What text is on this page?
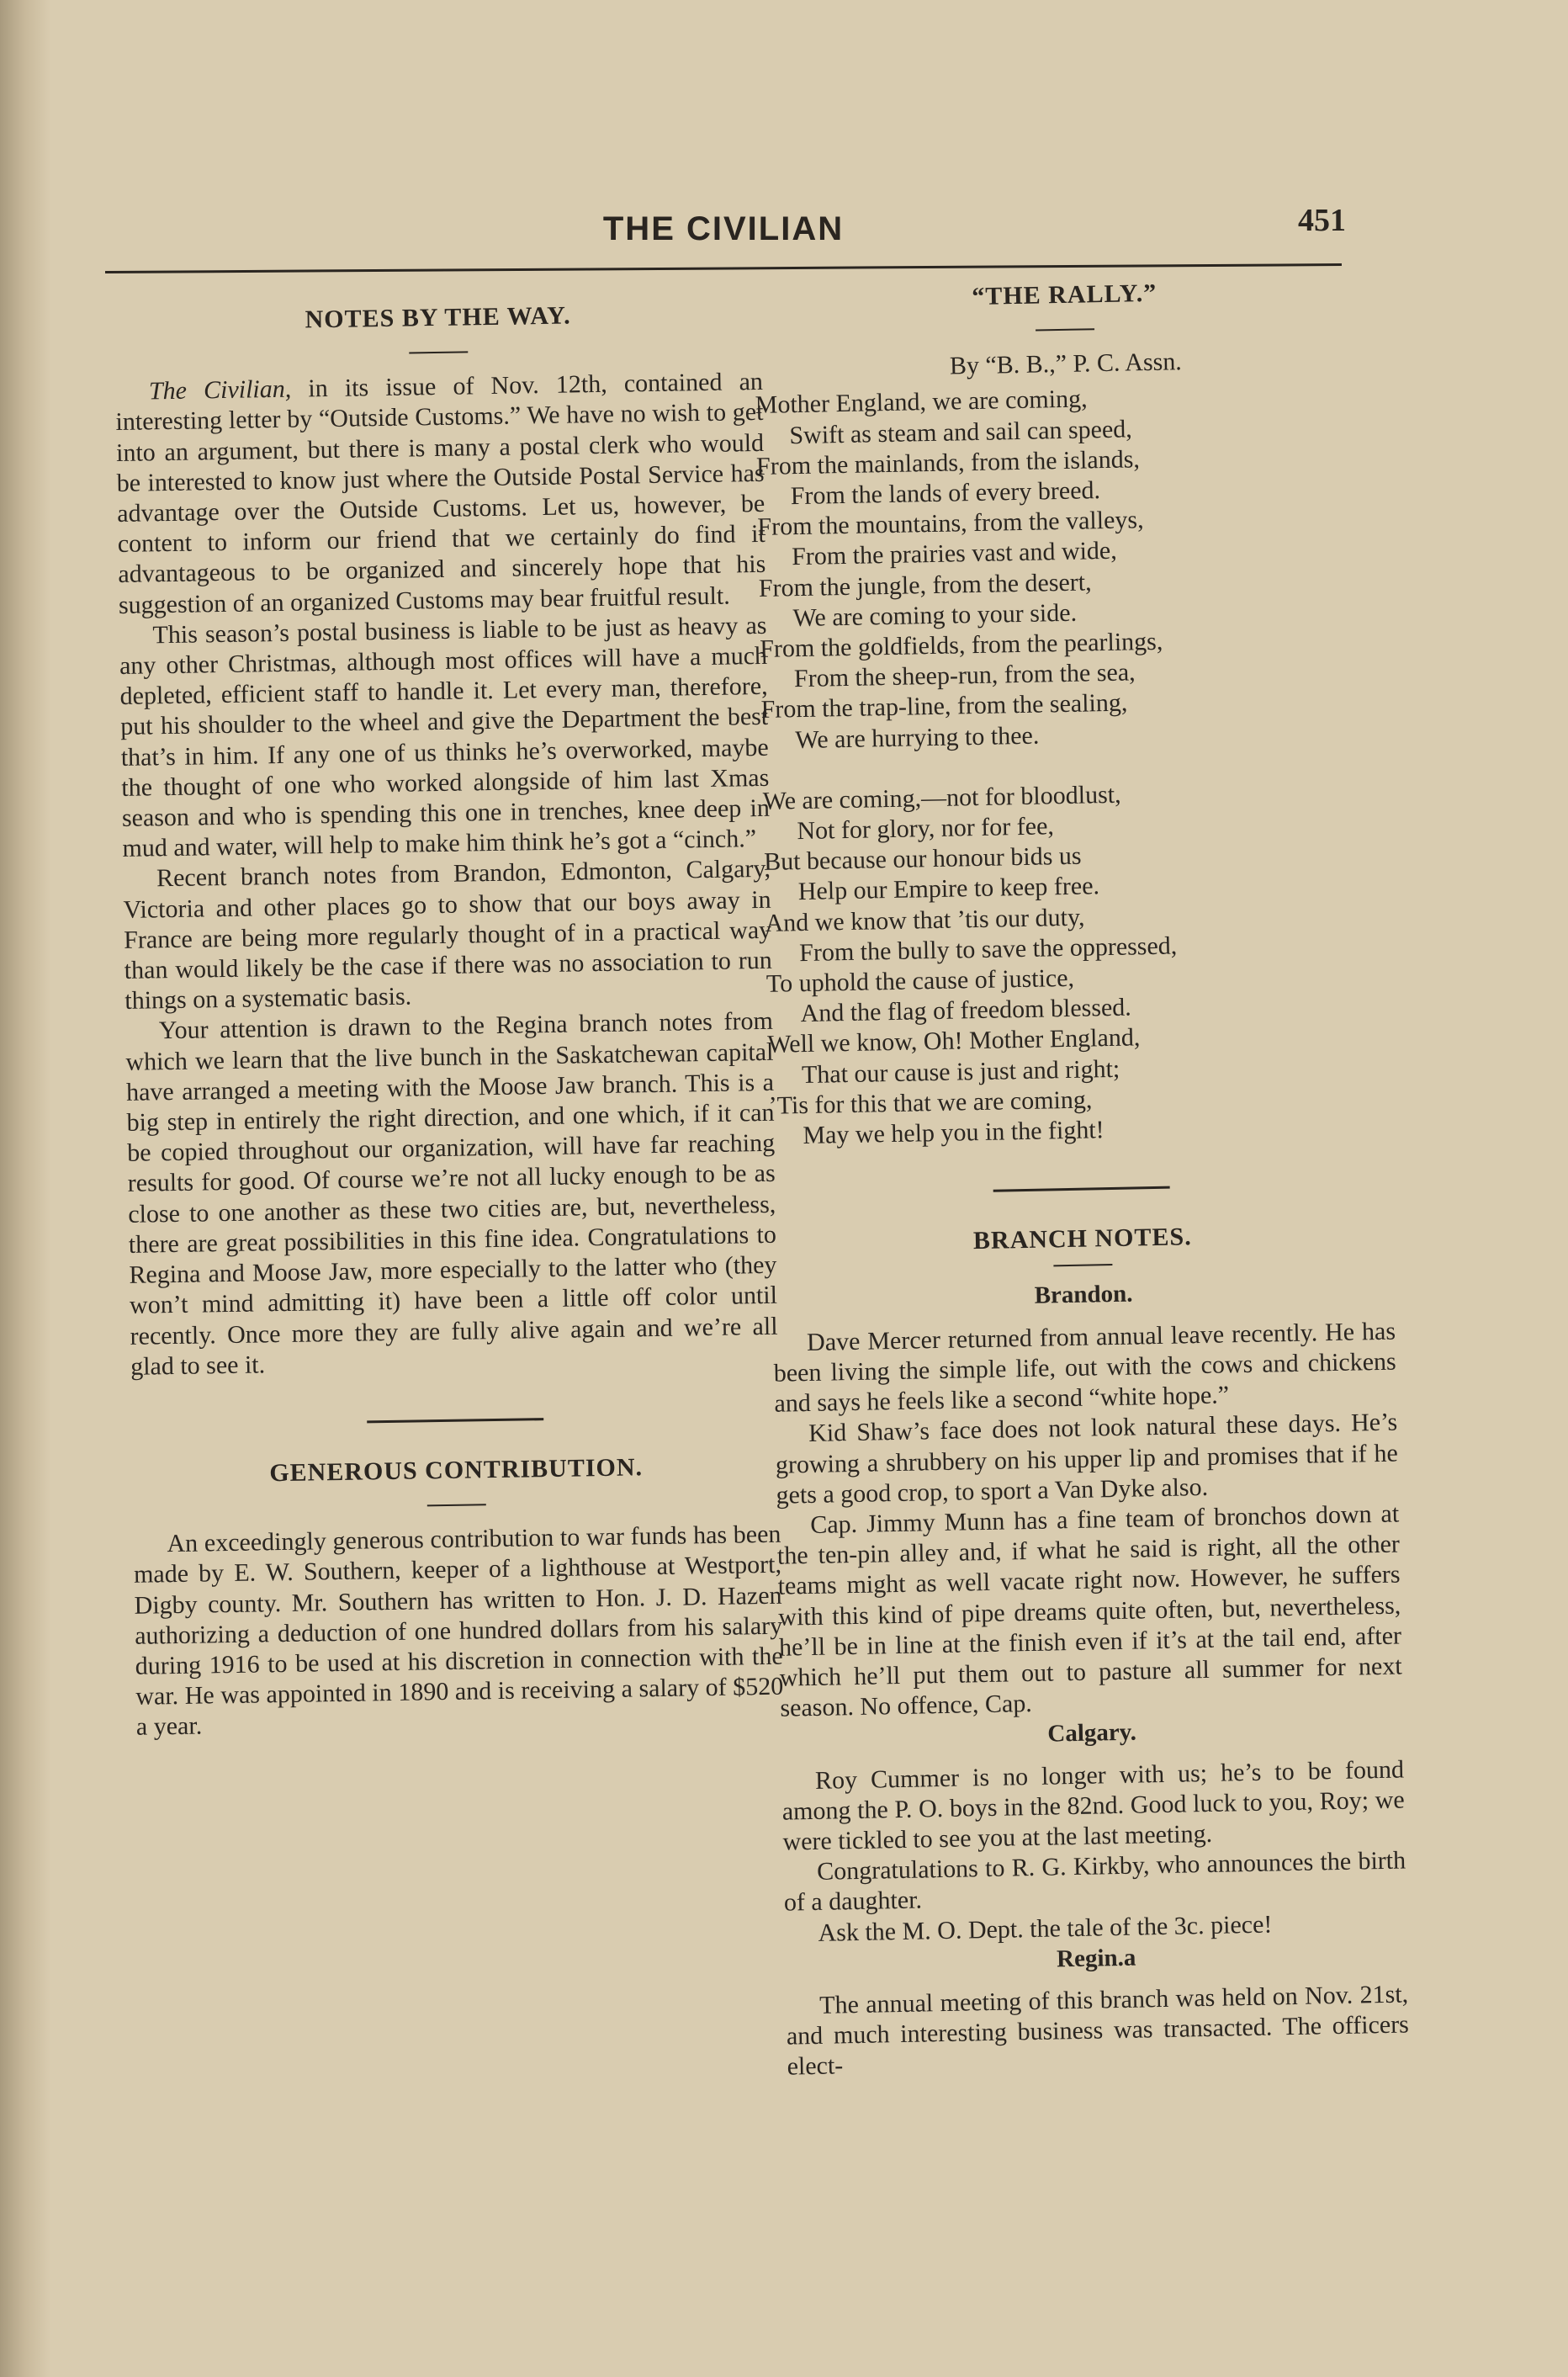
THE CIVILIAN	451
NOTES BY THE WAY.

The Civilian, in its issue of Nov. 12th, contained an interesting letter by “Outside Customs.” We have no wish to get into an argument, but there is many a postal clerk who would be interested to know just where the Outside Postal Service has advantage over the Outside Customs. Let us, however, be content to inform our friend that we certainly do find it advantageous to be organized and sincerely hope that his suggestion of an organized Customs may bear fruitful result.

This season’s postal business is liable to be just as heavy as any other Christmas, although most offices will have a much depleted, efficient staff to handle it. Let every man, therefore, put his shoulder to the wheel and give the Department the best that’s in him. If any one of us thinks he’s overworked, maybe the thought of one who worked alongside of him last Xmas season and who is spending this one in trenches, knee deep in mud and water, will help to make him think he’s got a “cinch.”

Recent branch notes from Brandon, Edmonton, Calgary, Victoria and other places go to show that our boys away in France are being more regularly thought of in a practical way than would likely be the case if there was no association to run things on a systematic basis.

Your attention is drawn to the Regina branch notes from which we learn that the live bunch in the Saskatchewan capital have arranged a meeting with the Moose Jaw branch. This is a big step in entirely the right direction, and one which, if it can be copied throughout our organization, will have far reaching results for good. Of course we’re not all lucky enough to be as close to one another as these two cities are, but, nevertheless, there are great possibilities in this fine idea. Congratulations to Regina and Moose Jaw, more especially to the latter who (they won’t mind admitting it) have been a little off color until recently. Once more they are fully alive again and we’re all glad to see it.

GENEROUS CONTRIBUTION.

An exceedingly generous contribution to war funds has been made by E. W. Southern, keeper of a lighthouse at Westport, Digby county. Mr. Southern has written to Hon. J. D. Hazen authorizing a deduction of one hundred dollars from his salary during 1916 to be used at his discretion in connection with the war. He was appointed in 1890 and is receiving a salary of $520 a year.

“THE RALLY.”
By “B. B.,” P. C. Assn.
Mother England, we are coming,
Swift as steam and sail can speed,
From the mainlands, from the islands,
From the lands of every breed.
From the mountains, from the valleys,
From the prairies vast and wide,
From the jungle, from the desert,
We are coming to your side.
From the goldfields, from the pearlings,
From the sheep-run, from the sea,
From the trap-line, from the sealing,
We are hurrying to thee.
We are coming,—not for bloodlust,
Not for glory, nor for fee,
But because our honour bids us
Help our Empire to keep free.
And we know that ’tis our duty,
From the bully to save the oppressed,
To uphold the cause of justice,
And the flag of freedom blessed.
Well we know, Oh! Mother England,
That our cause is just and right;
’Tis for this that we are coming,
May we help you in the fight!
BRANCH NOTES.
Brandon.

Dave Mercer returned from annual leave recently. He has been living the simple life, out with the cows and chickens and says he feels like a second “white hope.”

Kid Shaw’s face does not look natural these days. He’s growing a shrubbery on his upper lip and promises that if he gets a good crop, to sport a Van Dyke also.

Cap. Jimmy Munn has a fine team of bronchos down at the ten-pin alley and, if what he said is right, all the other teams might as well vacate right now. However, he suffers with this kind of pipe dreams quite often, but, nevertheless, he’ll be in line at the finish even if it’s at the tail end, after which he’ll put them out to pasture all summer for next season. No offence, Cap.

Calgary.

Roy Cummer is no longer with us; he’s to be found among the P. O. boys in the 82nd. Good luck to you, Roy; we were tickled to see you at the last meeting.

Congratulations to R. G. Kirkby, who announces the birth of a daughter.

Ask the M. O. Dept. the tale of the 3c. piece!

Regin.a

The annual meeting of this branch was held on Nov. 21st, and much interesting business was transacted. The officers elect-
